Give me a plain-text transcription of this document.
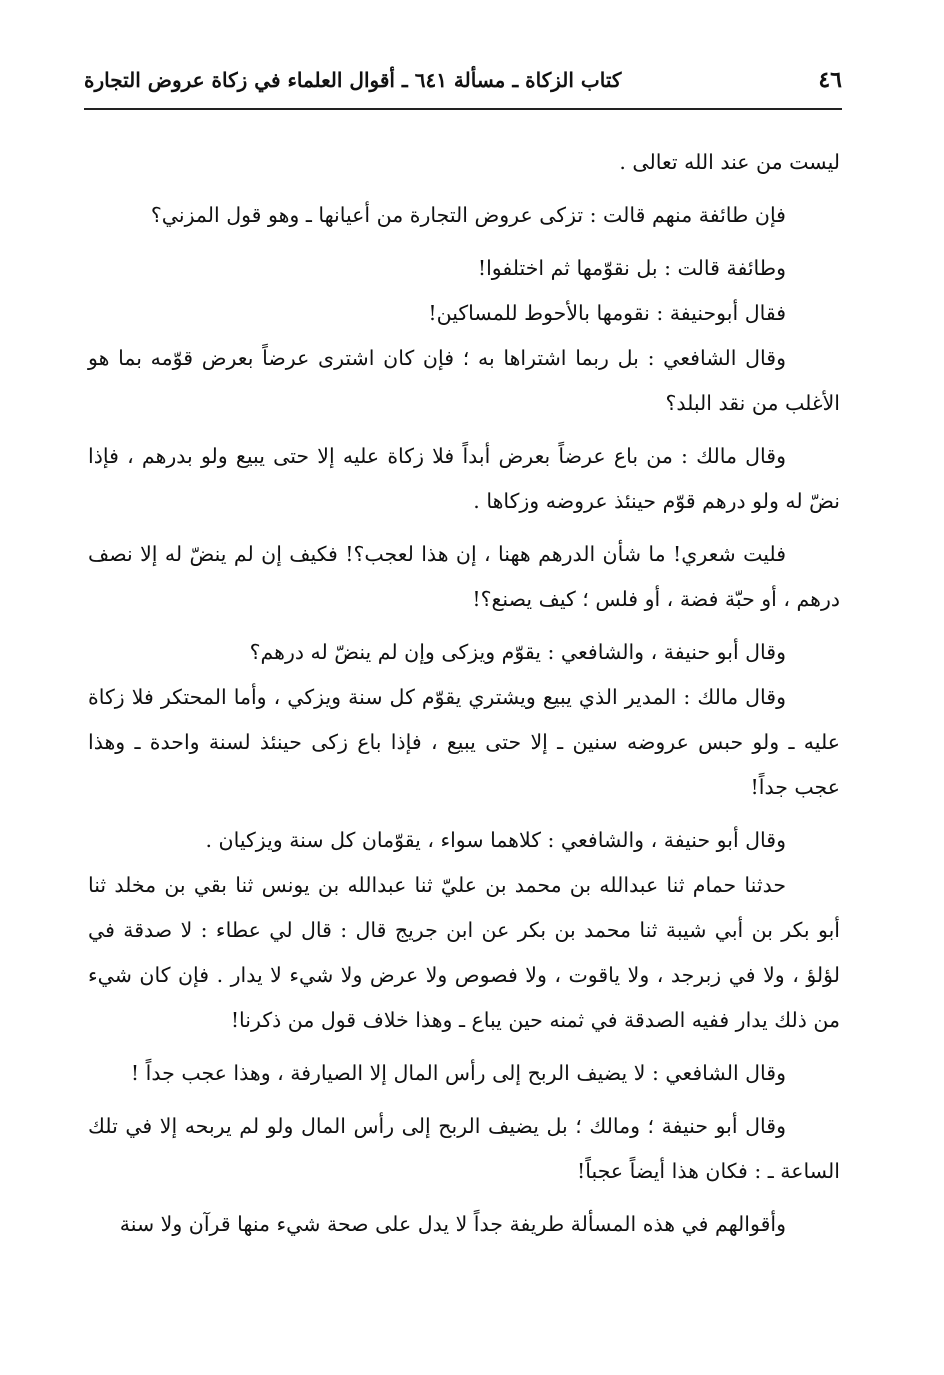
٤٦
كتاب الزكاة ـ مسألة ٦٤١ ـ أقوال العلماء في زكاة عروض التجارة

ليست من عند الله تعالى .

فإن طائفة منهم قالت : تزكى عروض التجارة من أعيانها ـ وهو قول المزني؟

وطائفة قالت : بل نقوّمها ثم اختلفوا!

فقال أبوحنيفة : نقومها بالأحوط للمساكين!

وقال الشافعي : بل ربما اشتراها به ؛ فإن كان اشترى عرضاً بعرض قوّمه بما هو الأغلب من نقد البلد؟

وقال مالك : من باع عرضاً بعرض أبداً فلا زكاة عليه إلا حتى يبيع ولو بدرهم ، فإذا نضّ له ولو درهم قوّم حينئذ عروضه وزكاها .

فليت شعري! ما شأن الدرهم ههنا ، إن هذا لعجب؟! فكيف إن لم ينضّ له إلا نصف درهم ، أو حبّة فضة ، أو فلس ؛ كيف يصنع؟!

وقال أبو حنيفة ، والشافعي : يقوّم ويزكى وإن لم ينضّ له درهم؟

وقال مالك : المدير الذي يبيع ويشتري يقوّم كل سنة ويزكي ، وأما المحتكر فلا زكاة عليه ـ ولو حبس عروضه سنين ـ إلا حتى يبيع ، فإذا باع زكى حينئذ لسنة واحدة ـ وهذا عجب جداً!

وقال أبو حنيفة ، والشافعي : كلاهما سواء ، يقوّمان كل سنة ويزكيان .

حدثنا حمام ثنا عبدالله بن محمد بن عليّ ثنا عبدالله بن يونس ثنا بقي بن مخلد ثنا أبو بكر بن أبي شيبة ثنا محمد بن بكر عن ابن جريج قال : قال لي عطاء : لا صدقة في لؤلؤ ، ولا في زبرجد ، ولا ياقوت ، ولا فصوص ولا عرض ولا شيء لا يدار . فإن كان شيء من ذلك يدار ففيه الصدقة في ثمنه حين يباع ـ وهذا خلاف قول من ذكرنا!

وقال الشافعي : لا يضيف الربح إلى رأس المال إلا الصيارفة ، وهذا عجب جداً !

وقال أبو حنيفة ؛ ومالك ؛ بل يضيف الربح إلى رأس المال ولو لم يربحه إلا في تلك الساعة ـ : فكان هذا أيضاً عجباً!

وأقوالهم في هذه المسألة طريفة جداً لا يدل على صحة شيء منها قرآن ولا سنة
